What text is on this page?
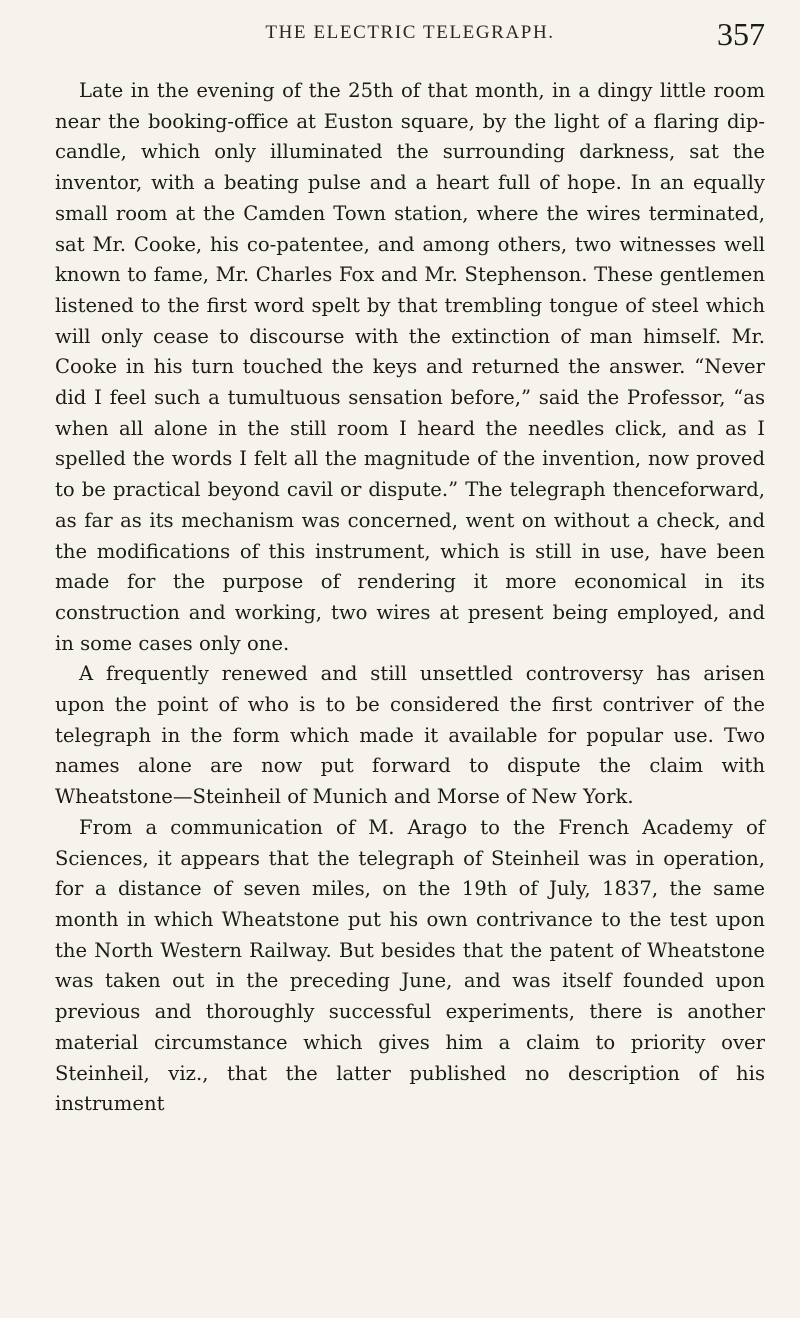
THE ELECTRIC TELEGRAPH.	357

Late in the evening of the 25th of that month, in a dingy little room near the booking-office at Euston square, by the light of a flaring dip-candle, which only illuminated the surrounding darkness, sat the inventor, with a beating pulse and a heart full of hope. In an equally small room at the Camden Town station, where the wires terminated, sat Mr. Cooke, his co-patentee, and among others, two witnesses well known to fame, Mr. Charles Fox and Mr. Stephenson. These gentlemen listened to the first word spelt by that trembling tongue of steel which will only cease to discourse with the extinction of man himself. Mr. Cooke in his turn touched the keys and returned the answer. “Never did I feel such a tumultuous sensation before,” said the Professor, “as when all alone in the still room I heard the needles click, and as I spelled the words I felt all the magnitude of the invention, now proved to be practical beyond cavil or dispute.” The telegraph thenceforward, as far as its mechanism was concerned, went on without a check, and the modifications of this instrument, which is still in use, have been made for the purpose of rendering it more economical in its construction and working, two wires at present being employed, and in some cases only one.

A frequently renewed and still unsettled controversy has arisen upon the point of who is to be considered the first contriver of the telegraph in the form which made it available for popular use. Two names alone are now put forward to dispute the claim with Wheatstone—Steinheil of Munich and Morse of New York.

From a communication of M. Arago to the French Academy of Sciences, it appears that the telegraph of Steinheil was in operation, for a distance of seven miles, on the 19th of July, 1837, the same month in which Wheatstone put his own contrivance to the test upon the North Western Railway. But besides that the patent of Wheatstone was taken out in the preceding June, and was itself founded upon previous and thoroughly successful experiments, there is another material circumstance which gives him a claim to priority over Steinheil, viz., that the latter published no description of his instrument
